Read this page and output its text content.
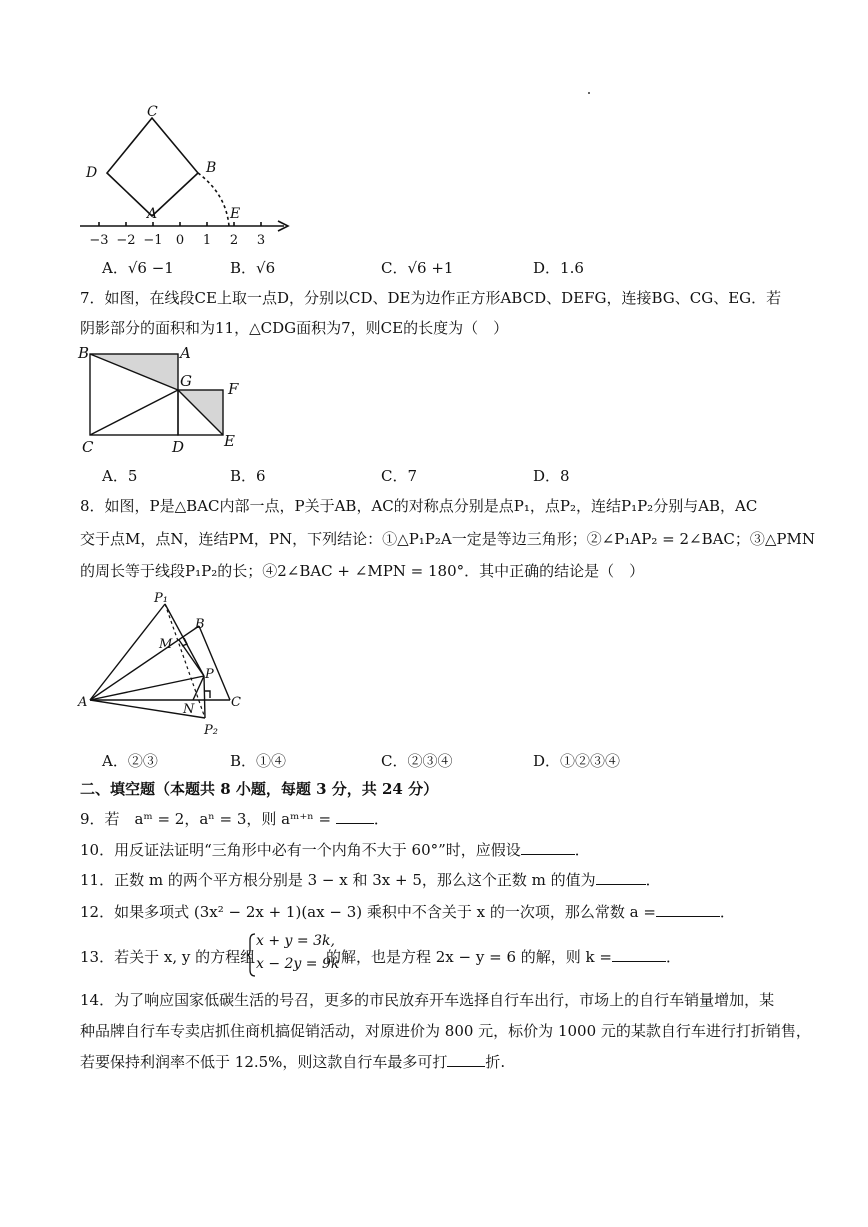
C
D	B
A	E
−3 −2 −1 0 1 2 3
A．√6 −1	B．√6	C．√6 +1	D．1.6
7．如图，在线段CE上取一点D，分别以CD、DE为边作正方形ABCD、DEFG，连接BG、CG、EG．若
阴影部分的面积和为11，△CDG面积为7，则CE的长度为（　）
B	A
G F
C	D	E
A．5	B．6	C．7	D．8
8．如图，P是△BAC内部一点，P关于AB，AC的对称点分别是点P₁，点P₂，连结P₁P₂分别与AB，AC
交于点M，点N，连结PM，PN，下列结论：①△P₁P₂A一定是等边三角形；②∠P₁AP₂ = 2∠BAC；③△PMN
的周长等于线段P₁P₂的长；④2∠BAC + ∠MPN = 180°．其中正确的结论是（　）
P₁
B
M
P
A	N	C
P₂
A．②③	B．①④	C．②③④	D．①②③④
二、填空题（本题共 8 小题，每题 3 分，共 24 分）
9．若　aᵐ = 2，aⁿ = 3，则 aᵐ⁺ⁿ =	．
10．用反证法证明“三角形中必有一个内角不大于 60°”时，应假设	．
11．正数 m 的两个平方根分别是 3 − x 和 3x + 5，那么这个正数 m 的值为	．
12．如果多项式 (3x² − 2x + 1)(ax − 3) 乘积中不含关于 x 的一次项，那么常数 a =	．
13．若关于 x, y 的方程组
x + y = 3k,
x − 2y = 9k
的解，也是方程 2x − y = 6 的解，则 k =	．
14．为了响应国家低碳生活的号召，更多的市民放弃开车选择自行车出行，市场上的自行车销量增加，某
种品牌自行车专卖店抓住商机搞促销活动，对原进价为 800 元，标价为 1000 元的某款自行车进行打折销售，
若要保持利润率不低于 12.5%，则这款自行车最多可打	折.
